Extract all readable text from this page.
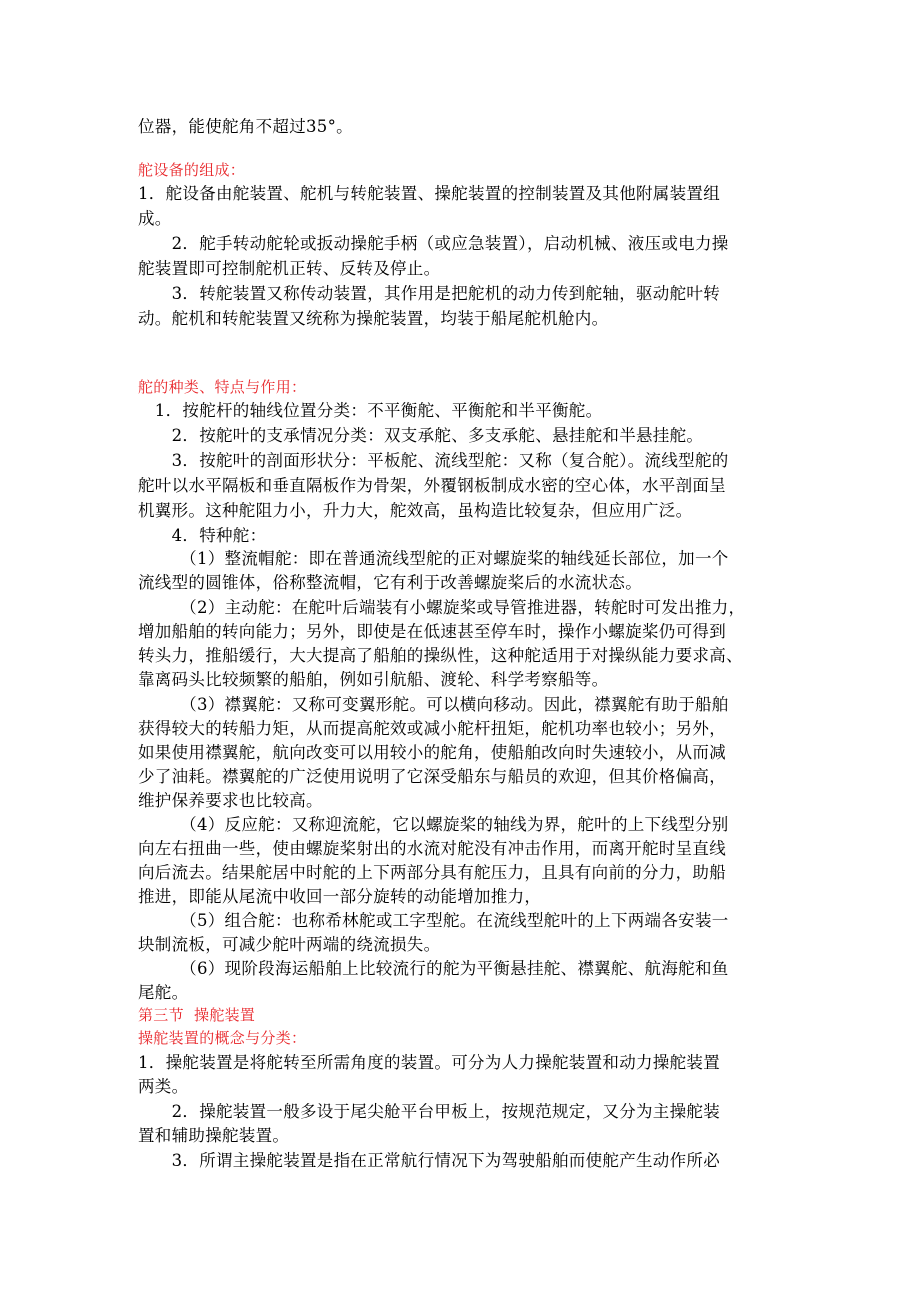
位器，能使舵角不超过35°。
舵设备的组成：
1．舵设备由舵装置、舵机与转舵装置、操舵装置的控制装置及其他附属装置组
成。
　　2．舵手转动舵轮或扳动操舵手柄（或应急装置），启动机械、液压或电力操
舵装置即可控制舵机正转、反转及停止。
　　3．转舵装置又称传动装置，其作用是把舵机的动力传到舵轴，驱动舵叶转
动。舵机和转舵装置又统称为操舵装置，均装于船尾舵机舱内。
舵的种类、特点与作用：
　1．按舵杆的轴线位置分类：不平衡舵、平衡舵和半平衡舵。
　　2．按舵叶的支承情况分类：双支承舵、多支承舵、悬挂舵和半悬挂舵。
　　3．按舵叶的剖面形状分：平板舵、流线型舵：又称（复合舵）。流线型舵的
舵叶以水平隔板和垂直隔板作为骨架，外覆钢板制成水密的空心体，水平剖面呈
机翼形。这种舵阻力小，升力大，舵效高，虽构造比较复杂，但应用广泛。
　　4．特种舵：
　　　（1）整流帽舵：即在普通流线型舵的正对螺旋桨的轴线延长部位，加一个
流线型的圆锥体，俗称整流帽，它有利于改善螺旋桨后的水流状态。
　　　（2）主动舵：在舵叶后端装有小螺旋桨或导管推进器，转舵时可发出推力，
增加船舶的转向能力；另外，即使是在低速甚至停车时，操作小螺旋桨仍可得到
转头力，推船缓行，大大提高了船舶的操纵性，这种舵适用于对操纵能力要求高、
靠离码头比较频繁的船舶，例如引航船、渡轮、科学考察船等。
　　　（3）襟翼舵：又称可变翼形舵。可以横向移动。因此，襟翼舵有助于船舶
获得较大的转船力矩，从而提高舵效或减小舵杆扭矩，舵机功率也较小；另外，
如果使用襟翼舵，航向改变可以用较小的舵角，使船舶改向时失速较小，从而减
少了油耗。襟翼舵的广泛使用说明了它深受船东与船员的欢迎，但其价格偏高，
维护保养要求也比较高。
　　　（4）反应舵：又称迎流舵，它以螺旋桨的轴线为界，舵叶的上下线型分别
向左右扭曲一些，使由螺旋桨射出的水流对舵没有冲击作用，而离开舵时呈直线
向后流去。结果舵居中时舵的上下两部分具有舵压力，且具有向前的分力，助船
推进，即能从尾流中收回一部分旋转的动能增加推力，
　　　（5）组合舵：也称希林舵或工字型舵。在流线型舵叶的上下两端各安装一
块制流板，可减少舵叶两端的绕流损失。
　　　（6）现阶段海运船舶上比较流行的舵为平衡悬挂舵、襟翼舵、航海舵和鱼
尾舵。
第三节  操舵装置
操舵装置的概念与分类：
1．操舵装置是将舵转至所需角度的装置。可分为人力操舵装置和动力操舵装置
两类。
　　2．操舵装置一般多设于尾尖舱平台甲板上，按规范规定，又分为主操舵装
置和辅助操舵装置。
　　3．所谓主操舵装置是指在正常航行情况下为驾驶船舶而使舵产生动作所必
